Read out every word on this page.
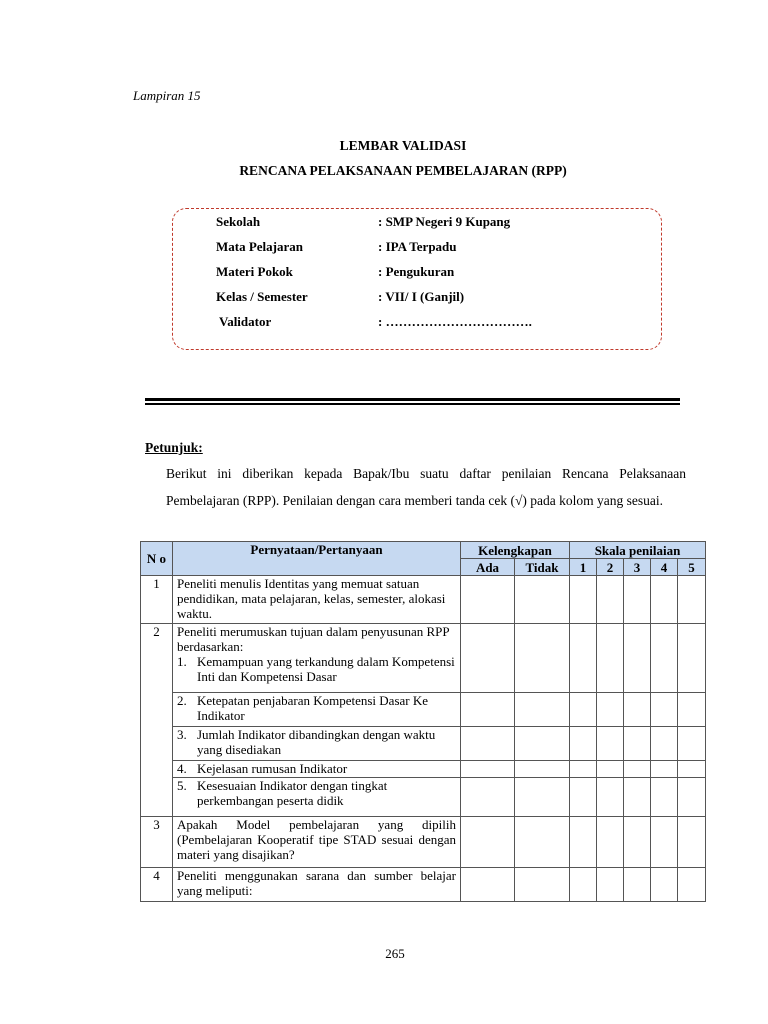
Lampiran 15
LEMBAR VALIDASI
RENCANA PELAKSANAAN PEMBELAJARAN (RPP)
Sekolah	: SMP Negeri 9 Kupang
Mata Pelajaran	: IPA Terpadu
Materi Pokok	: Pengukuran
Kelas / Semester	: VII/ I (Ganjil)
Validator	: …………………………….
Petunjuk:
Berikut ini diberikan kepada Bapak/Ibu suatu daftar penilaian Rencana Pelaksanaan Pembelajaran (RPP). Penilaian dengan cara memberi tanda cek (√) pada kolom yang sesuai.
N o	Pernyataan/Pertanyaan	Kelengkapan		Skala penilaian				
		Ada	Tidak	1	2	3	4	5
1	Peneliti menulis Identitas yang memuat satuan pendidikan, mata pelajaran, kelas, semester, alokasi waktu.							
2	Peneliti merumuskan tujuan dalam penyusunan RPP berdasarkan:
1. Kemampuan yang terkandung dalam Kompetensi Inti dan Kompetensi Dasar							

	2. Ketepatan penjabaran Kompetensi Dasar Ke Indikator							

	3. Jumlah Indikator dibandingkan dengan waktu yang disediakan							

	4. Kejelasan rumusan Indikator							

	5. Kesesuaian Indikator dengan tingkat perkembangan peserta didik							

3	Apakah Model pembelajaran yang dipilih (Pembelajaran Kooperatif tipe STAD sesuai dengan materi yang disajikan?							
4	Peneliti menggunakan sarana dan sumber belajar yang meliputi:							
265
